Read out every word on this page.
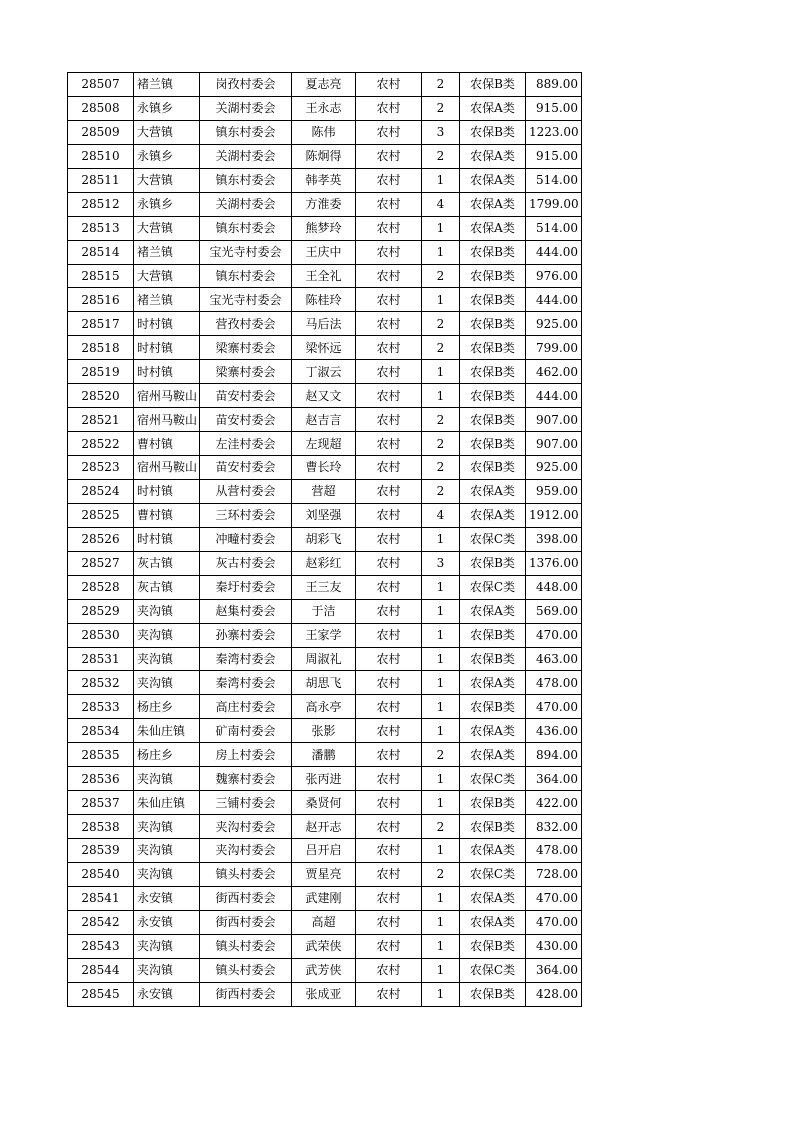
28507	褚兰镇	岗孜村委会	夏志亮	农村	2	农保B类	889.00
28508	永镇乡	关湖村委会	王永志	农村	2	农保A类	915.00
28509	大营镇	镇东村委会	陈伟	农村	3	农保B类	1223.00
28510	永镇乡	关湖村委会	陈炯得	农村	2	农保A类	915.00
28511	大营镇	镇东村委会	韩孝英	农村	1	农保A类	514.00
28512	永镇乡	关湖村委会	方淮委	农村	4	农保A类	1799.00
28513	大营镇	镇东村委会	熊梦玲	农村	1	农保A类	514.00
28514	褚兰镇	宝光寺村委会	王庆中	农村	1	农保B类	444.00
28515	大营镇	镇东村委会	王全礼	农村	2	农保B类	976.00
28516	褚兰镇	宝光寺村委会	陈桂玲	农村	1	农保B类	444.00
28517	时村镇	营孜村委会	马后法	农村	2	农保B类	925.00
28518	时村镇	梁寨村委会	梁怀远	农村	2	农保B类	799.00
28519	时村镇	梁寨村委会	丁淑云	农村	1	农保B类	462.00
28520	宿州马鞍山	苗安村委会	赵又文	农村	1	农保B类	444.00
28521	宿州马鞍山	苗安村委会	赵吉言	农村	2	农保B类	907.00
28522	曹村镇	左洼村委会	左现超	农村	2	农保B类	907.00
28523	宿州马鞍山	苗安村委会	曹长玲	农村	2	农保B类	925.00
28524	时村镇	从营村委会	营超	农村	2	农保A类	959.00
28525	曹村镇	三环村委会	刘坚强	农村	4	农保A类	1912.00
28526	时村镇	冲疃村委会	胡彩飞	农村	1	农保C类	398.00
28527	灰古镇	灰古村委会	赵彩红	农村	3	农保B类	1376.00
28528	灰古镇	秦圩村委会	王三友	农村	1	农保C类	448.00
28529	夹沟镇	赵集村委会	于洁	农村	1	农保A类	569.00
28530	夹沟镇	孙寨村委会	王家学	农村	1	农保B类	470.00
28531	夹沟镇	秦湾村委会	周淑礼	农村	1	农保B类	463.00
28532	夹沟镇	秦湾村委会	胡思飞	农村	1	农保A类	478.00
28533	杨庄乡	高庄村委会	高永亭	农村	1	农保B类	470.00
28534	朱仙庄镇	矿南村委会	张影	农村	1	农保A类	436.00
28535	杨庄乡	房上村委会	潘鹏	农村	2	农保A类	894.00
28536	夹沟镇	魏寨村委会	张丙进	农村	1	农保C类	364.00
28537	朱仙庄镇	三铺村委会	桑贤何	农村	1	农保B类	422.00
28538	夹沟镇	夹沟村委会	赵开志	农村	2	农保B类	832.00
28539	夹沟镇	夹沟村委会	吕开启	农村	1	农保A类	478.00
28540	夹沟镇	镇头村委会	贾星亮	农村	2	农保C类	728.00
28541	永安镇	街西村委会	武建刚	农村	1	农保A类	470.00
28542	永安镇	街西村委会	高超	农村	1	农保A类	470.00
28543	夹沟镇	镇头村委会	武荣侠	农村	1	农保B类	430.00
28544	夹沟镇	镇头村委会	武芳侠	农村	1	农保C类	364.00
28545	永安镇	街西村委会	张成亚	农村	1	农保B类	428.00
